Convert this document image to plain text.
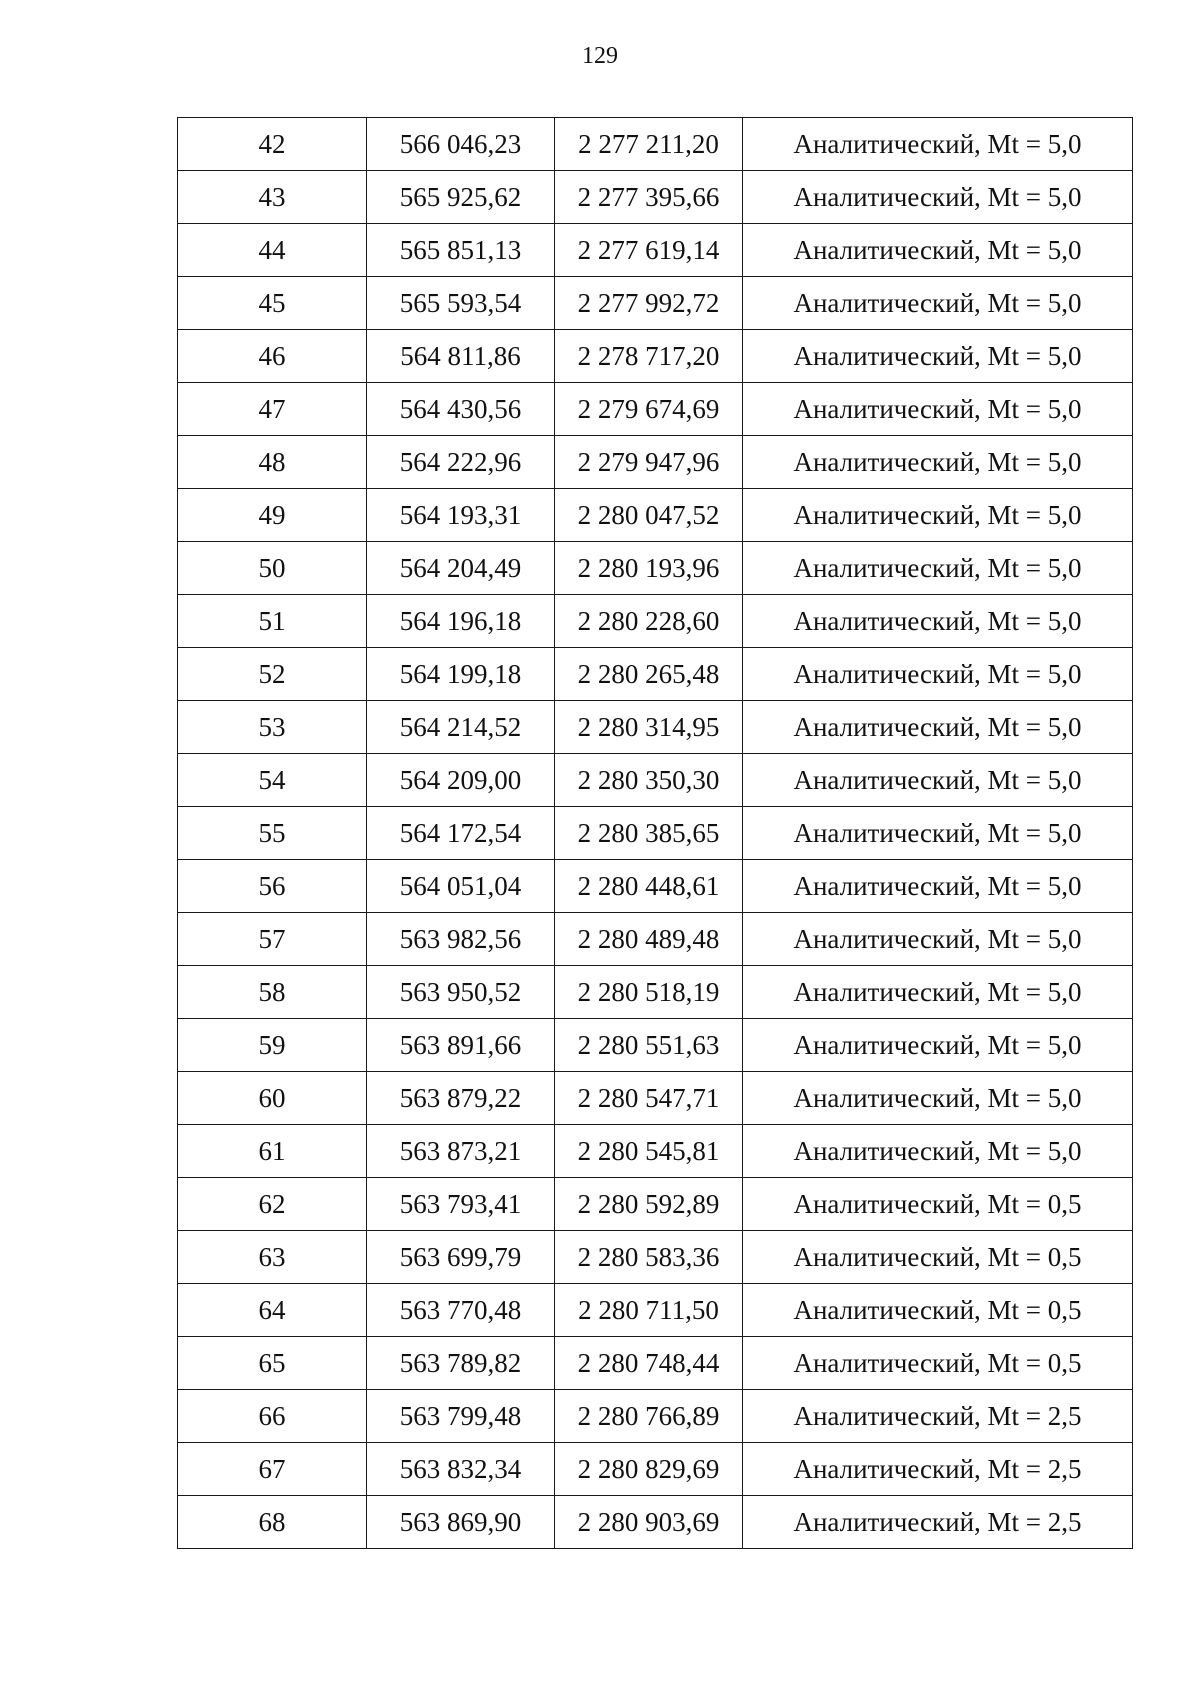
129
42	566 046,23	2 277 211,20	Аналитический, Mt = 5,0
43	565 925,62	2 277 395,66	Аналитический, Mt = 5,0
44	565 851,13	2 277 619,14	Аналитический, Mt = 5,0
45	565 593,54	2 277 992,72	Аналитический, Mt = 5,0
46	564 811,86	2 278 717,20	Аналитический, Mt = 5,0
47	564 430,56	2 279 674,69	Аналитический, Mt = 5,0
48	564 222,96	2 279 947,96	Аналитический, Mt = 5,0
49	564 193,31	2 280 047,52	Аналитический, Mt = 5,0
50	564 204,49	2 280 193,96	Аналитический, Mt = 5,0
51	564 196,18	2 280 228,60	Аналитический, Mt = 5,0
52	564 199,18	2 280 265,48	Аналитический, Mt = 5,0
53	564 214,52	2 280 314,95	Аналитический, Mt = 5,0
54	564 209,00	2 280 350,30	Аналитический, Mt = 5,0
55	564 172,54	2 280 385,65	Аналитический, Mt = 5,0
56	564 051,04	2 280 448,61	Аналитический, Mt = 5,0
57	563 982,56	2 280 489,48	Аналитический, Mt = 5,0
58	563 950,52	2 280 518,19	Аналитический, Mt = 5,0
59	563 891,66	2 280 551,63	Аналитический, Mt = 5,0
60	563 879,22	2 280 547,71	Аналитический, Mt = 5,0
61	563 873,21	2 280 545,81	Аналитический, Mt = 5,0
62	563 793,41	2 280 592,89	Аналитический, Mt = 0,5
63	563 699,79	2 280 583,36	Аналитический, Mt = 0,5
64	563 770,48	2 280 711,50	Аналитический, Mt = 0,5
65	563 789,82	2 280 748,44	Аналитический, Mt = 0,5
66	563 799,48	2 280 766,89	Аналитический, Mt = 2,5
67	563 832,34	2 280 829,69	Аналитический, Mt = 2,5
68	563 869,90	2 280 903,69	Аналитический, Mt = 2,5
